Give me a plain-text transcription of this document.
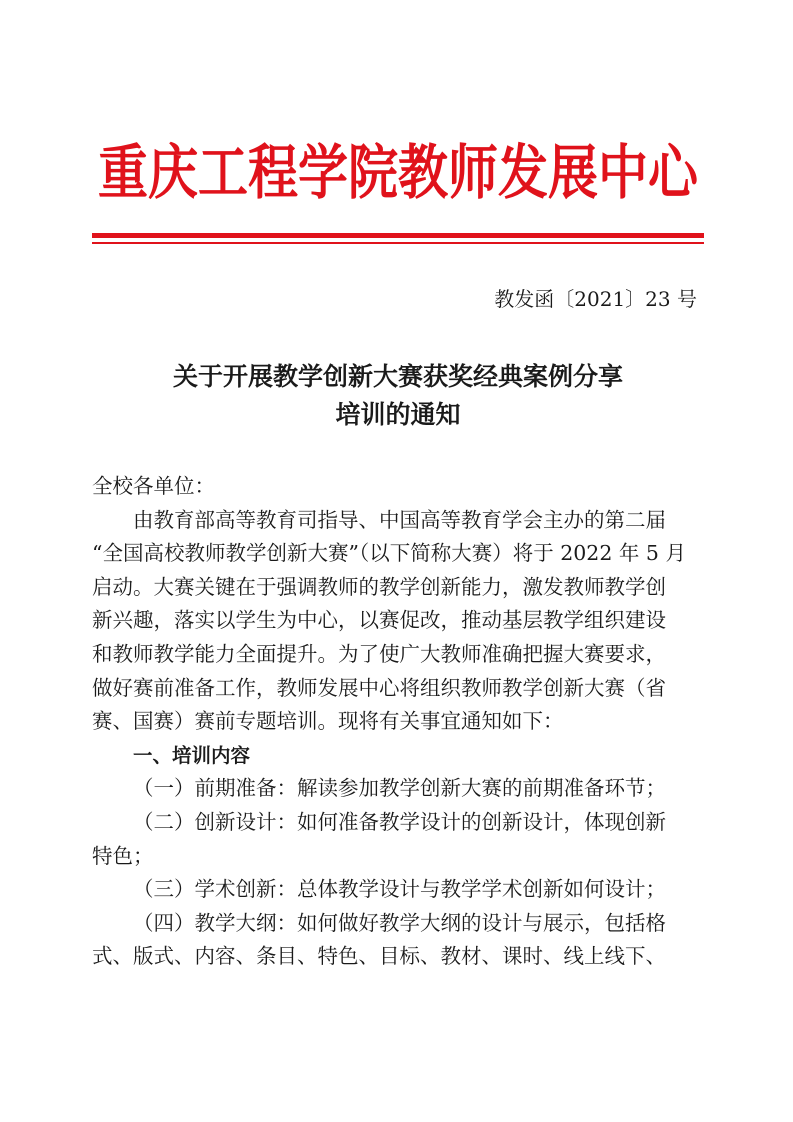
重庆工程学院教师发展中心
教发函〔2021〕23 号
关于开展教学创新大赛获奖经典案例分享
培训的通知

全校各单位：

由教育部高等教育司指导、中国高等教育学会主办的第二届

“全国高校教师教学创新大赛”（以下简称大赛）将于 2022 年 5 月

启动。大赛关键在于强调教师的教学创新能力，激发教师教学创

新兴趣，落实以学生为中心，以赛促改，推动基层教学组织建设

和教师教学能力全面提升。为了使广大教师准确把握大赛要求，

做好赛前准备工作，教师发展中心将组织教师教学创新大赛（省

赛、国赛）赛前专题培训。现将有关事宜通知如下：

一、培训内容

（一）前期准备：解读参加教学创新大赛的前期准备环节；

（二）创新设计：如何准备教学设计的创新设计，体现创新

特色；

（三）学术创新：总体教学设计与教学学术创新如何设计；

（四）教学大纲：如何做好教学大纲的设计与展示，包括格

式、版式、内容、条目、特色、目标、教材、课时、线上线下、
